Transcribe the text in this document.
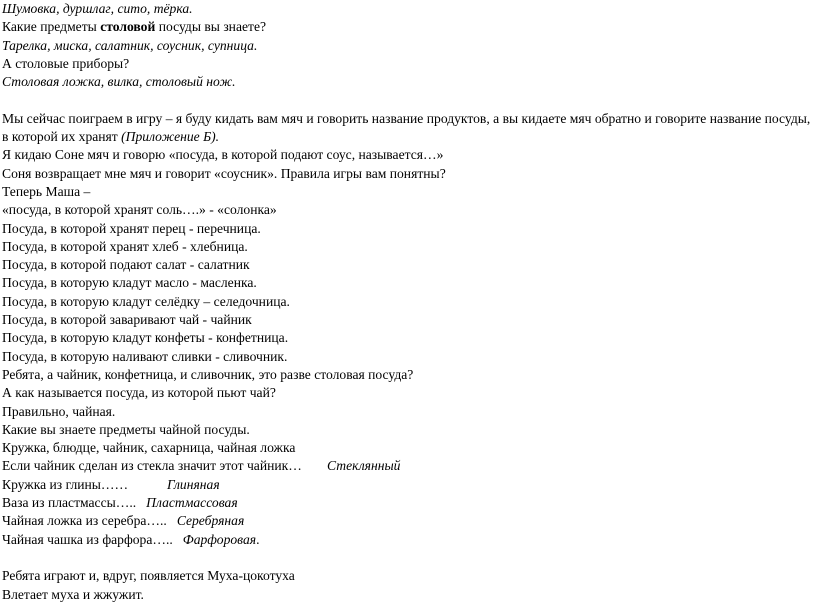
Шумовка, дуршлаг, сито, тёрка.
Какие предметы столовой посуды вы знаете?
Тарелка, миска, салатник, соусник, супница.
А столовые приборы?
Столовая ложка, вилка, столовый нож.
Мы сейчас поиграем в игру – я буду кидать вам мяч и говорить название продуктов, а вы кидаете мяч обратно и говорите название посуды, в которой их хранят (Приложение Б).
Я кидаю Соне мяч и говорю «посуда, в которой подают соус, называется…»
Соня возвращает мне мяч и говорит «соусник». Правила игры вам понятны?
Теперь Маша –
«посуда, в которой хранят соль….» - «солонка»
Посуда, в которой хранят перец - перечница.
Посуда, в которой хранят хлеб - хлебница.
Посуда, в которой подают салат - салатник
Посуда, в которую кладут масло - масленка.
Посуда, в которую кладут селёдку – селедочница.
Посуда, в которой заваривают чай - чайник
Посуда, в которую кладут конфеты - конфетница.
Посуда, в которую наливают сливки - сливочник.
Ребята, а чайник, конфетница, и сливочник, это разве столовая посуда?
А как называется посуда, из которой пьют чай?
Правильно, чайная.
Какие вы знаете предметы чайной посуды.
Кружка, блюдце, чайник, сахарница, чайная ложка
Если чайник сделан из стекла значит этот чайник… Стеклянный
Кружка из глины……	Глиняная
Ваза из пластмассы….. Пластмассовая
Чайная ложка из серебра….. Серебряная
Чайная чашка из фарфора….. Фарфоровая.
Ребята играют и, вдруг, появляется Муха-цокотуха
Влетает муха и жжужит.
